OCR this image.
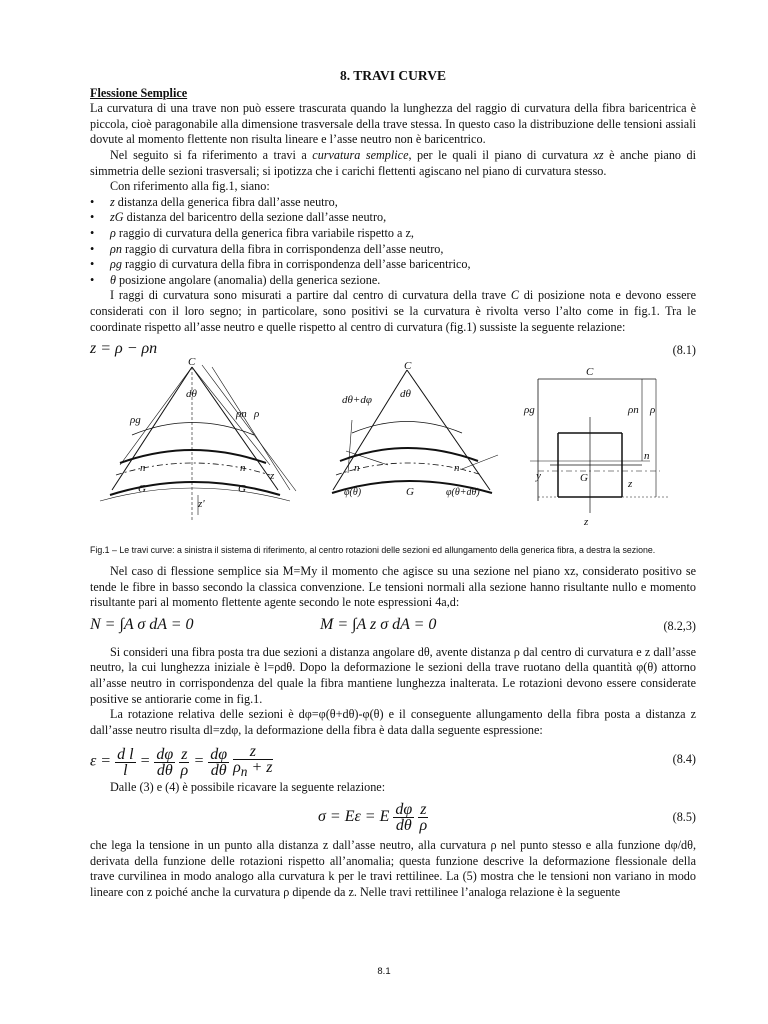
8. TRAVI CURVE
Flessione Semplice

La curvatura di una trave non può essere trascurata quando la lunghezza del raggio di curvatura della fibra baricentrica è piccola, cioè paragonabile alla dimensione trasversale della trave stessa. In questo caso la distribuzione delle tensioni assiali dovute al momento flettente non risulta lineare e l’asse neutro non è baricentrico.

Nel seguito si fa riferimento a travi a curvatura semplice, per le quali il piano di curvatura xz è anche piano di simmetria delle sezioni trasversali; si ipotizza che i carichi flettenti agiscano nel piano di curvatura stesso.

Con riferimento alla fig.1, siano:

• z distanza della generica fibra dall’asse neutro,
• zG distanza del baricentro della sezione dall’asse neutro,
• ρ raggio di curvatura della generica fibra variabile rispetto a z,
• ρn raggio di curvatura della fibra in corrispondenza dell’asse neutro,
• ρg raggio di curvatura della fibra in corrispondenza dell’asse baricentrico,
• θ posizione angolare (anomalia) della generica sezione.

I raggi di curvatura sono misurati a partire dal centro di curvatura della trave C di posizione nota e devono essere considerati con il loro segno; in particolare, sono positivi se la curvatura è rivolta verso l’alto come in fig.1. Tra le coordinate rispetto all’asse neutro e quelle rispetto al centro di curvatura (fig.1) sussiste la seguente relazione:

z = ρ − ρn	(8.1)
C
dθ
ρg	ρn ρ
n	n
G	G
z
z'
C
dθ+dφ	dθ
n	n
φ(θ)	G	φ(θ+dθ)
C
ρg	ρn ρ
n
G
y
z
z
Fig.1 – Le travi curve: a sinistra il sistema di riferimento, al centro rotazioni delle sezioni ed allungamento della generica fibra, a destra la sezione.

Nel caso di flessione semplice sia M=My il momento che agisce su una sezione nel piano xz, considerato positivo se tende le fibre in basso secondo la classica convenzione. Le tensioni normali alla sezione hanno risultante nullo e momento risultante pari al momento flettente agente secondo le note espressioni 4a,d:

N = ∫A σ dA = 0	M = ∫A z σ dA = 0	(8.2,3)

Si consideri una fibra posta tra due sezioni a distanza angolare dθ, avente distanza ρ dal centro di curvatura e z dall’asse neutro, la cui lunghezza iniziale è l=ρdθ. Dopo la deformazione le sezioni della trave ruotano della quantità φ(θ) attorno all’asse neutro in corrispondenza del quale la fibra mantiene lunghezza inalterata. Le rotazioni devono essere considerate positive se antiorarie come in fig.1.

La rotazione relativa delle sezioni è dφ=φ(θ+dθ)-φ(θ) e il conseguente allungamento della fibra posta a distanza z dall’asse neutro risulta dl=zdφ, la deformazione della fibra è data dalla seguente espressione:

$\varepsilon = \frac{\text{d l}}{l} = \frac{d\varphi}{d\theta}$
$\frac{z}{\rho} = \frac{d\varphi}{d\theta}$
$\frac{z}{\rho_n + z}$	(8.4)

Dalle (3) e (4) è possibile ricavare la seguente relazione:

σ = Eε = E $\frac{d\varphi}{d\theta}$
$\frac{z}{\rho}$	(8.5)

che lega la tensione in un punto alla distanza z dall’asse neutro, alla curvatura ρ nel punto stesso e alla funzione dφ/dθ, derivata della funzione delle rotazioni rispetto all’anomalia; questa funzione descrive la deformazione flessionale della trave curvilinea in modo analogo alla curvatura k per le travi rettilinee. La (5) mostra che le tensioni non variano in modo lineare con z poiché anche la curvatura ρ dipende da z. Nelle travi rettilinee l’analoga relazione è la seguente

8.1
